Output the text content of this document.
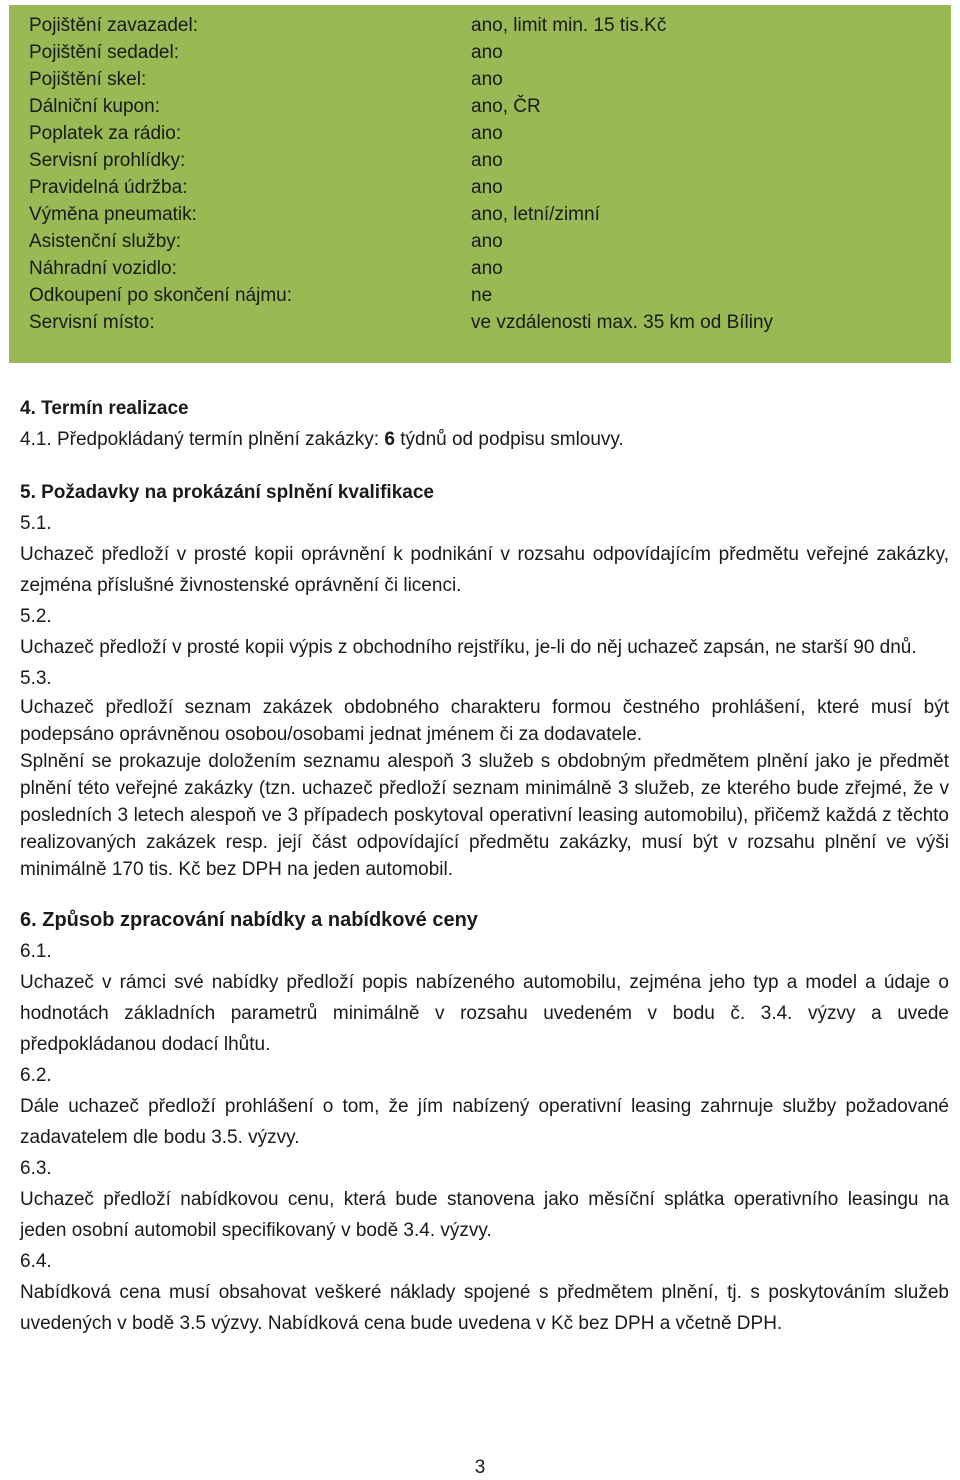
Pojištění zavazadel:	ano, limit min. 15 tis.Kč
Pojištění sedadel:	ano
Pojištění skel:	ano
Dálniční kupon:	ano, ČR
Poplatek za rádio:	ano
Servisní prohlídky:	ano
Pravidelná údržba:	ano
Výměna pneumatik:	ano, letní/zimní
Asistenční služby:	ano
Náhradní vozidlo:	ano
Odkoupení po skončení nájmu:	ne
Servisní místo:	ve vzdálenosti max. 35 km od Bíliny

4. Termín realizace

4.1. Předpokládaný termín plnění zakázky: 6 týdnů od podpisu smlouvy.

5. Požadavky na prokázání splnění kvalifikace

5.1.

Uchazeč předloží v prosté kopii oprávnění k podnikání v rozsahu odpovídajícím předmětu veřejné zakázky, zejména příslušné živnostenské oprávnění či licenci.

5.2.

Uchazeč předloží v prosté kopii výpis z obchodního rejstříku, je-li do něj uchazeč zapsán, ne starší 90 dnů.

5.3.

Uchazeč předloží seznam zakázek obdobného charakteru formou čestného prohlášení, které musí být podepsáno oprávněnou osobou/osobami jednat jménem či za dodavatele.

Splnění se prokazuje doložením seznamu alespoň 3 služeb s obdobným předmětem plnění jako je předmět plnění této veřejné zakázky (tzn. uchazeč předloží seznam minimálně 3 služeb, ze kterého bude zřejmé, že v posledních 3 letech alespoň ve 3 případech poskytoval operativní leasing automobilu), přičemž každá z těchto realizovaných zakázek resp. její část odpovídající předmětu zakázky, musí být v rozsahu plnění ve výši minimálně 170 tis. Kč bez DPH na jeden automobil.

6. Způsob zpracování nabídky a nabídkové ceny

6.1.

Uchazeč v rámci své nabídky předloží popis nabízeného automobilu, zejména jeho typ a model a údaje o hodnotách základních parametrů minimálně v rozsahu uvedeném v bodu č. 3.4. výzvy a uvede předpokládanou dodací lhůtu.

6.2.

Dále uchazeč předloží prohlášení o tom, že jím nabízený operativní leasing zahrnuje služby požadované zadavatelem dle bodu 3.5. výzvy.

6.3.

Uchazeč předloží nabídkovou cenu, která bude stanovena jako měsíční splátka operativního leasingu na jeden osobní automobil specifikovaný v bodě 3.4. výzvy.

6.4.

Nabídková cena musí obsahovat veškeré náklady spojené s předmětem plnění, tj. s poskytováním služeb uvedených v bodě 3.5 výzvy. Nabídková cena bude uvedena v Kč bez DPH a včetně DPH.

3
